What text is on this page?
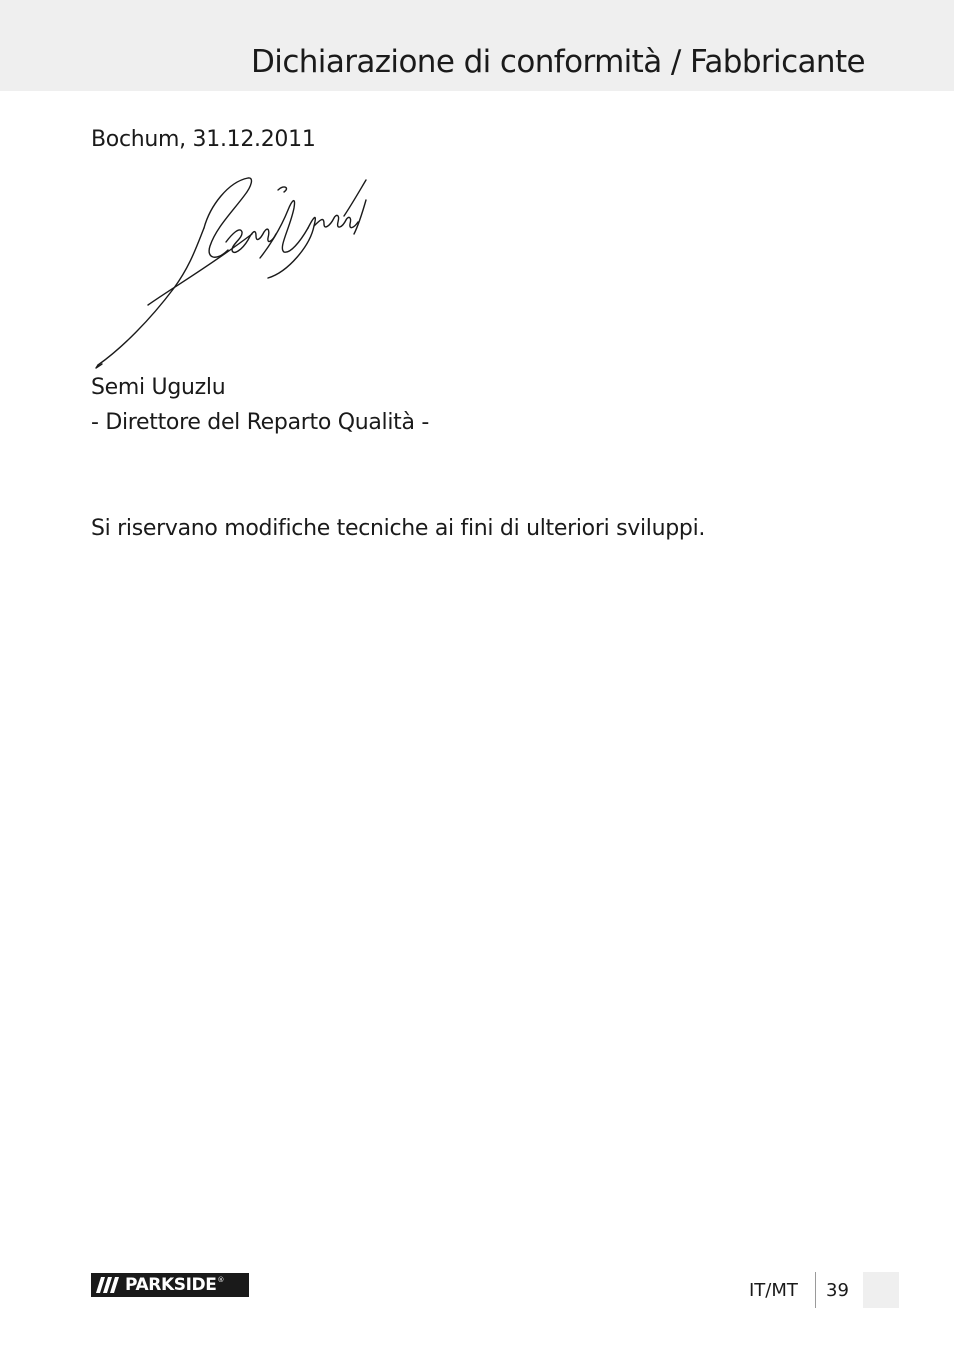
Dichiarazione di conformità / Fabbricante

Bochum, 31.12.2011

Semi Uguzlu

- Direttore del Reparto Qualità -

Si riservano modifiche tecniche ai fini di ulteriori sviluppi.

PARKSIDE ®	IT/MT 39
